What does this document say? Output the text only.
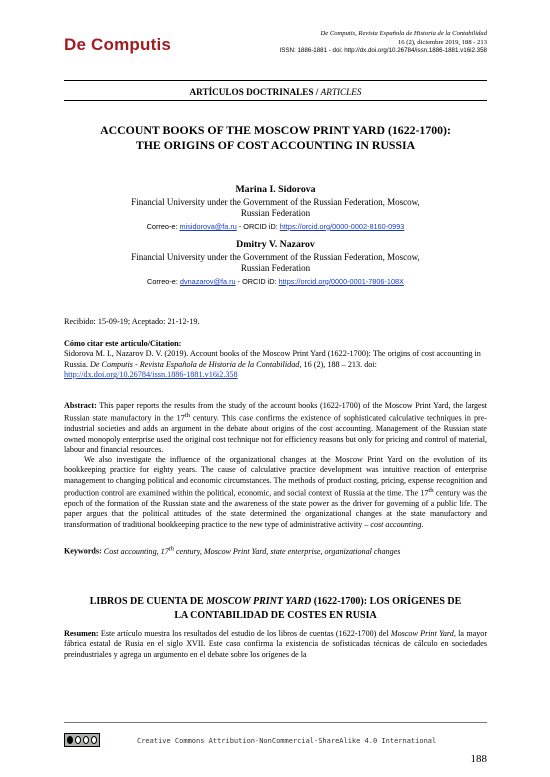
De Computis
De Computis, Revista Española de Historia de la Contabilidad
16 (2), diciembre 2019, 188 - 213
ISSN: 1886-1881 - doi: http://dx.doi.org/10.26784/issn.1886-1881.v16i2.358
ARTÍCULOS DOCTRINALES / ARTICLES
ACCOUNT BOOKS OF THE MOSCOW PRINT YARD (1622-1700):
THE ORIGINS OF COST ACCOUNTING IN RUSSIA
Marina I. Sidorova
Financial University under the Government of the Russian Federation, Moscow,
Russian Federation
Correo-e: misidorova@fa.ru - ORCID iD: https://orcid.org/0000-0002-8160-0993
Dmitry V. Nazarov
Financial University under the Government of the Russian Federation, Moscow,
Russian Federation
Correo-e: dvnazarov@fa.ru - ORCID iD: https://orcid.org/0000-0001-7806-108X
Recibido: 15-09-19; Aceptado: 21-12-19.
Cómo citar este artículo/Citation:
Sidorova M. I., Nazarov D. V. (2019). Account books of the Moscow Print Yard (1622-1700): The origins of cost accounting in Russia. De Computis - Revista Española de Historia de la Contabilidad, 16 (2), 188 – 213. doi: http://dx.doi.org/10.26784/issn.1886-1881.v16i2.358

Abstract: This paper reports the results from the study of the account books (1622-1700) of the Moscow Print Yard, the largest Russian state manufactory in the 17th century. This case confirms the existence of sophisticated calculative techniques in pre-industrial societies and adds an argument in the debate about origins of the cost accounting. Management of the Russian state owned monopoly enterprise used the original cost technique not for efficiency reasons but only for pricing and control of material, labour and financial resources.

We also investigate the influence of the organizational changes at the Moscow Print Yard on the evolution of its bookkeeping practice for eighty years. The cause of calculative practice development was intuitive reaction of enterprise management to changing political and economic circumstances. The methods of product costing, pricing, expense recognition and production control are examined within the political, economic, and social context of Russia at the time. The 17th century was the epoch of the formation of the Russian state and the awareness of the state power as the driver for governing of a public life. The paper argues that the political attitudes of the state determined the organizational changes at the state manufactory and transformation of traditional bookkeeping practice to the new type of administrative activity – cost accounting.

Keywords: Cost accounting, 17th century, Moscow Print Yard, state enterprise, organizational changes
LIBROS DE CUENTA DE MOSCOW PRINT YARD (1622-1700): LOS ORÍGENES DE
LA CONTABILIDAD DE COSTES EN RUSIA
Resumen: Este artículo muestra los resultados del estudio de los libros de cuentas (1622-1700) del Moscow Print Yard, la mayor fábrica estatal de Rusia en el siglo XVII. Este caso confirma la existencia de sofisticadas técnicas de cálculo en sociedades preindustriales y agrega un argumento en el debate sobre los orígenes de la
Creative Commons Attribution-NonCommercial-ShareAlike 4.0 International
188
